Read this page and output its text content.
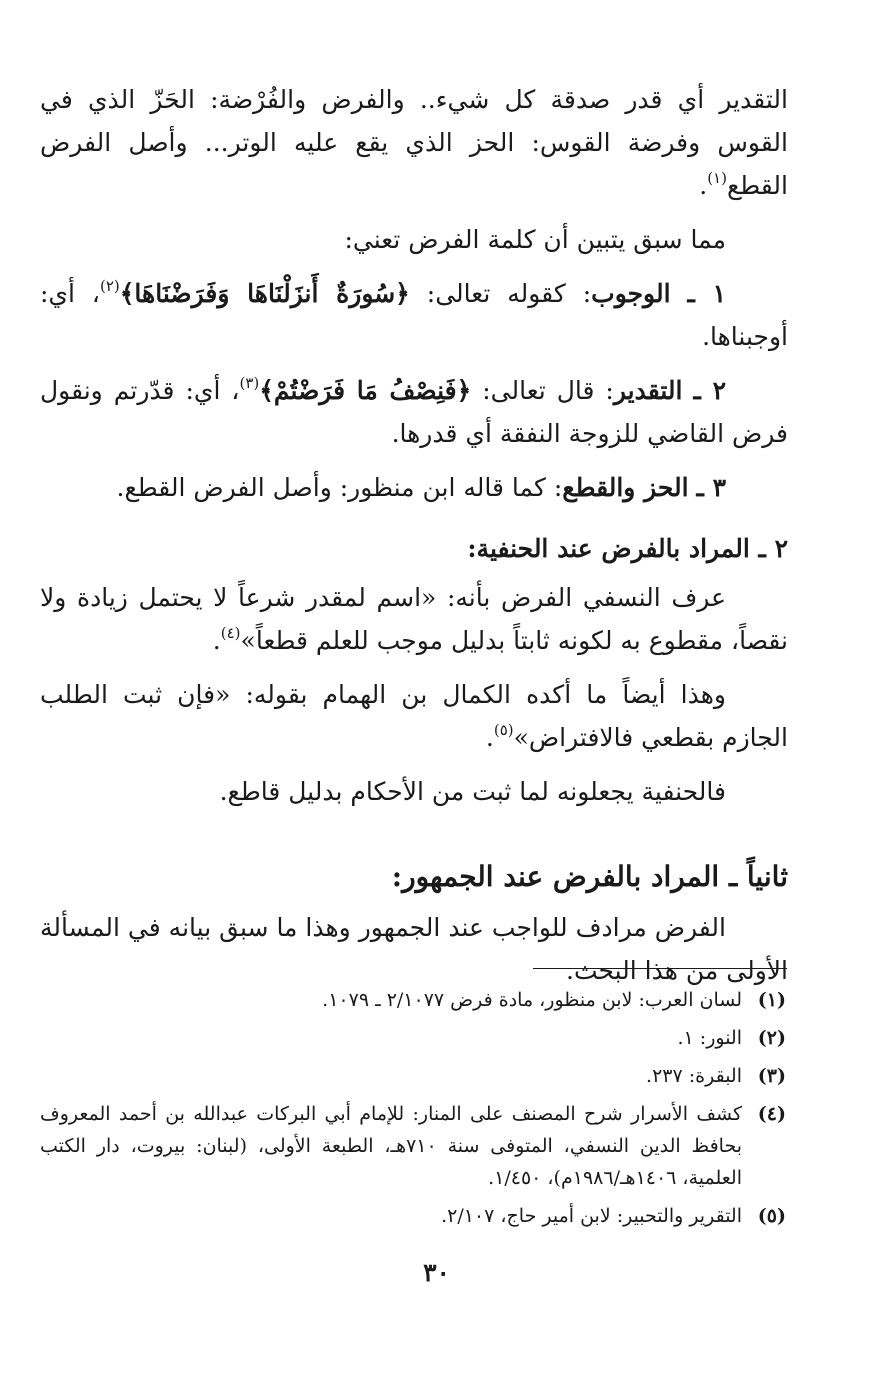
التقدير أي قدر صدقة كل شيء.. والفرض والفُرْضة: الحَزّ الذي في القوس وفرضة القوس: الحز الذي يقع عليه الوتر... وأصل الفرض القطع$^{(١)}$.

مما سبق يتبين أن كلمة الفرض تعني:

١ ـ الوجوب: كقوله تعالى: ﴿سُورَةٌ أَنزَلْنَاهَا وَفَرَضْنَاهَا﴾$^{(٢)}$، أي: أوجبناها.

٢ ـ التقدير: قال تعالى: ﴿فَنِصْفُ مَا فَرَضْتُمْ﴾$^{(٣)}$، أي: قدّرتم ونقول فرض القاضي للزوجة النفقة أي قدرها.

٣ ـ الحز والقطع: كما قاله ابن منظور: وأصل الفرض القطع.

٢ ـ المراد بالفرض عند الحنفية:

عرف النسفي الفرض بأنه: «اسم لمقدر شرعاً لا يحتمل زيادة ولا نقصاً، مقطوع به لكونه ثابتاً بدليل موجب للعلم قطعاً»$^{(٤)}$.

وهذا أيضاً ما أكده الكمال بن الهمام بقوله: «فإن ثبت الطلب الجازم بقطعي فالافتراض»$^{(٥)}$.

فالحنفية يجعلونه لما ثبت من الأحكام بدليل قاطع.

ثانياً ـ المراد بالفرض عند الجمهور:

الفرض مرادف للواجب عند الجمهور وهذا ما سبق بيانه في المسألة الأولى من هذا البحث.

(١)
لسان العرب: لابن منظور، مادة فرض ٢/١٠٧٧ ـ ١٠٧٩.
(٢)
النور: ١.
(٣)
البقرة: ٢٣٧.
(٤)
كشف الأسرار شرح المصنف على المنار: للإمام أبي البركات عبدالله بن أحمد المعروف بحافظ الدين النسفي، المتوفى سنة ٧١٠هـ، الطبعة الأولى، (لبنان: بيروت، دار الكتب العلمية، ١٤٠٦هـ/١٩٨٦م)، ١/٤٥٠.
(٥)
التقرير والتحبير: لابن أمير حاج، ٢/١٠٧.
٣٠
